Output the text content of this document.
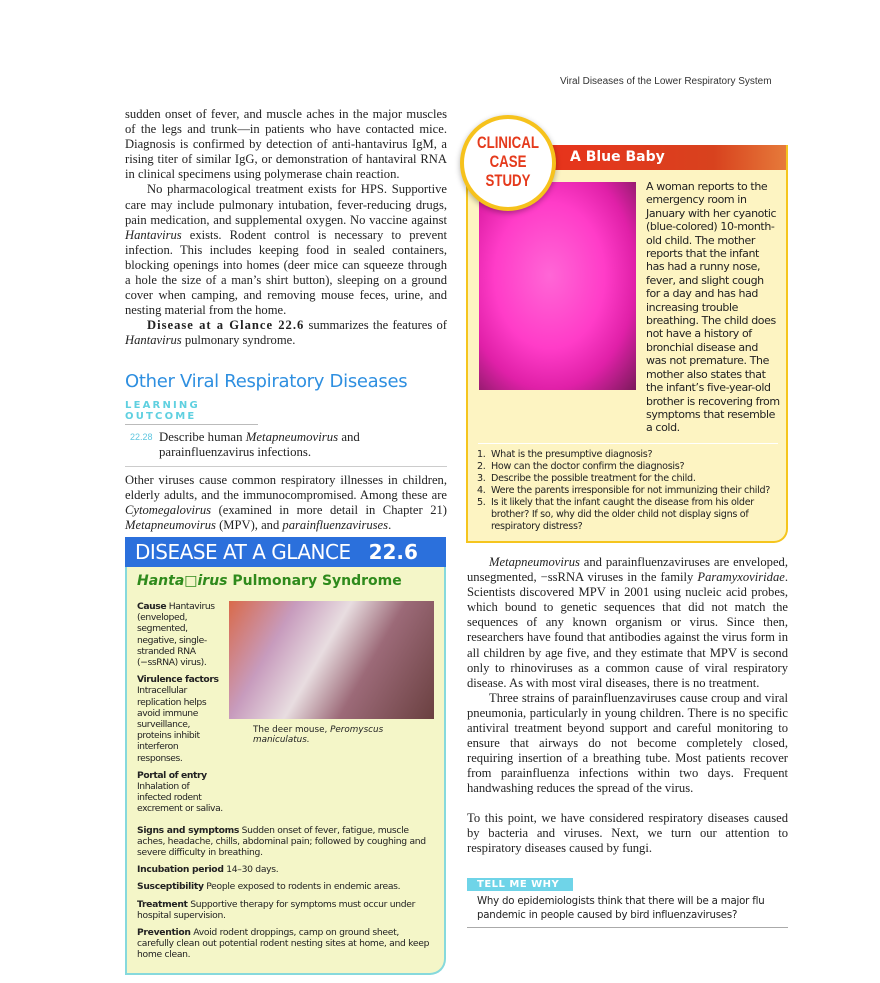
Viral Diseases of the Lower Respiratory System

sudden onset of fever, and muscle aches in the major muscles of the legs and trunk—in patients who have contacted mice. Diagnosis is confirmed by detection of anti-hantavirus IgM, a rising titer of similar IgG, or demonstration of hantaviral RNA in clinical specimens using polymerase chain reaction.

No pharmacological treatment exists for HPS. Supportive care may include pulmonary intubation, fever-reducing drugs, pain medication, and supplemental oxygen. No vaccine against Hantavirus exists. Rodent control is necessary to prevent infection. This includes keeping food in sealed containers, blocking openings into homes (deer mice can squeeze through a hole the size of a man’s shirt button), sleeping on a ground cover when camping, and removing mouse feces, urine, and nesting material from the home.

Disease at a Glance 22.6 summarizes the features of Hantavirus pulmonary syndrome.

Other Viral Respiratory Diseases
LEARNING OUTCOME
22.28 Describe human Metapneumovirus and parainfluenzavirus infections.

Other viruses cause common respiratory illnesses in children, elderly adults, and the immunocompromised. Among these are Cytomegalovirus (examined in more detail in Chapter 21) Metapneumovirus (MPV), and parainfluenzaviruses.

A Blue Baby
A woman reports to the emergency room in January with her cyanotic (blue-colored) 10-month-old child. The mother reports that the infant has had a runny nose, fever, and slight cough for a day and has had increasing trouble breathing. The child does not have a history of bronchial disease and was not premature. The mother also states that the infant’s five-year-old brother is recovering from symptoms that resemble a cold.
1. What is the presumptive diagnosis?
2. How can the doctor confirm the diagnosis?
3. Describe the possible treatment for the child.
4. Were the parents irresponsible for not immunizing their child?
5. Is it likely that the infant caught the disease from his older brother? If so, why did the older child not display signs of respiratory distress?
CLINICAL
CASE
STUDY
DISEASE AT A GLANCE 22.6
Hanta□irus Pulmonary Syndrome

Cause Hantavirus (enveloped, segmented, negative, single-stranded RNA (−ssRNA) virus).

Virulence factors
Intracellular replication helps avoid immune surveillance, proteins inhibit interferon responses.

Portal of entry
Inhalation of infected rodent excrement or saliva.

The deer mouse, Peromyscus maniculatus.

Signs and symptoms Sudden onset of fever, fatigue, muscle aches, headache, chills, abdominal pain; followed by coughing and severe difficulty in breathing.

Incubation period 14–30 days.

Susceptibility People exposed to rodents in endemic areas.

Treatment Supportive therapy for symptoms must occur under hospital supervision.

Prevention Avoid rodent droppings, camp on ground sheet, carefully clean out potential rodent nesting sites at home, and keep home clean.

Metapneumovirus and parainfluenzaviruses are enveloped, unsegmented, −ssRNA viruses in the family Paramyxoviridae. Scientists discovered MPV in 2001 using nucleic acid probes, which bound to genetic sequences that did not match the sequences of any known organism or virus. Since then, researchers have found that antibodies against the virus form in all children by age five, and they estimate that MPV is second only to rhinoviruses as a common cause of viral respiratory disease. As with most viral diseases, there is no treatment.

Three strains of parainfluenzaviruses cause croup and viral pneumonia, particularly in young children. There is no specific antiviral treatment beyond support and careful monitoring to ensure that airways do not become completely closed, requiring insertion of a breathing tube. Most patients recover from parainfluenza infections within two days. Frequent handwashing reduces the spread of the virus.

To this point, we have considered respiratory diseases caused by bacteria and viruses. Next, we turn our attention to respiratory diseases caused by fungi.

TELL ME WHY
Why do epidemiologists think that there will be a major flu pandemic in people caused by bird influenzaviruses?
